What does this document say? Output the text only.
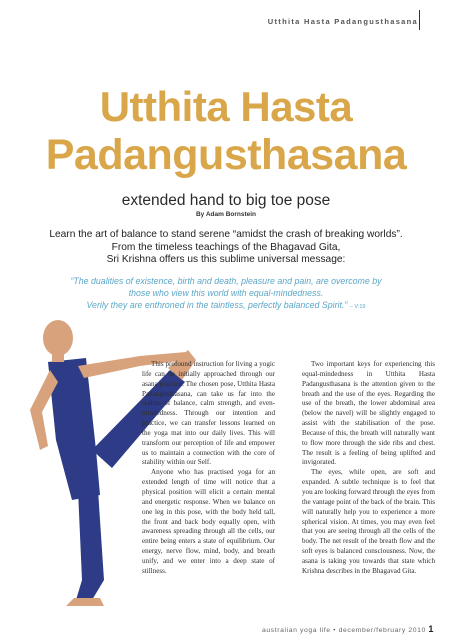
Utthita Hasta Padangusthasana
Utthita Hasta
Padangusthasana
extended hand to big toe pose
By Adam Bornstein
Learn the art of balance to stand serene “amidst the crash of breaking worlds”.
From the timeless teachings of the Bhagavad Gita,
Sri Krishna offers us this sublime universal message:
“The dualities of existence, birth and death, pleasure and pain, are overcome by
those who view this world with equal-mindedness.
Verily they are enthroned in the taintless, perfectly balanced Spirit.” – V:19

This profound instruction for living a yogic life can be initially approached through our asana practice. The chosen pose, Utthita Hasta Padangusthasana, can take us far into the realms of balance, calm strength, and even-mindedness. Through our intention and practice, we can transfer lessons learned on the yoga mat into our daily lives. This will transform our perception of life and empower us to maintain a connection with the core of stability within our Self.

Anyone who has practised yoga for an extended length of time will notice that a physical position will elicit a certain mental and energetic response. When we balance on one leg in this pose, with the body held tall, the front and back body equally open, with awareness spreading through all the cells, our entire being enters a state of equilibrium. Our energy, nerve flow, mind, body, and breath unify, and we enter into a deep state of stillness.

Two important keys for experiencing this equal-mindedness in Utthita Hasta Padangusthasana is the attention given to the breath and the use of the eyes. Regarding the use of the breath, the lower abdominal area (below the navel) will be slightly engaged to assist with the stabilisation of the pose. Because of this, the breath will naturally want to flow more through the side ribs and chest. The result is a feeling of being uplifted and invigorated.

The eyes, while open, are soft and expanded. A subtle technique is to feel that you are looking forward through the eyes from the vantage point of the back of the brain. This will naturally help you to experience a more spherical vision. At times, you may even feel that you are seeing through all the cells of the body. The net result of the breath flow and the soft eyes is balanced consciousness. Now, the asana is taking you towards that state which Krishna describes in the Bhagavad Gita.

australian yoga life • december/february 2010 1
